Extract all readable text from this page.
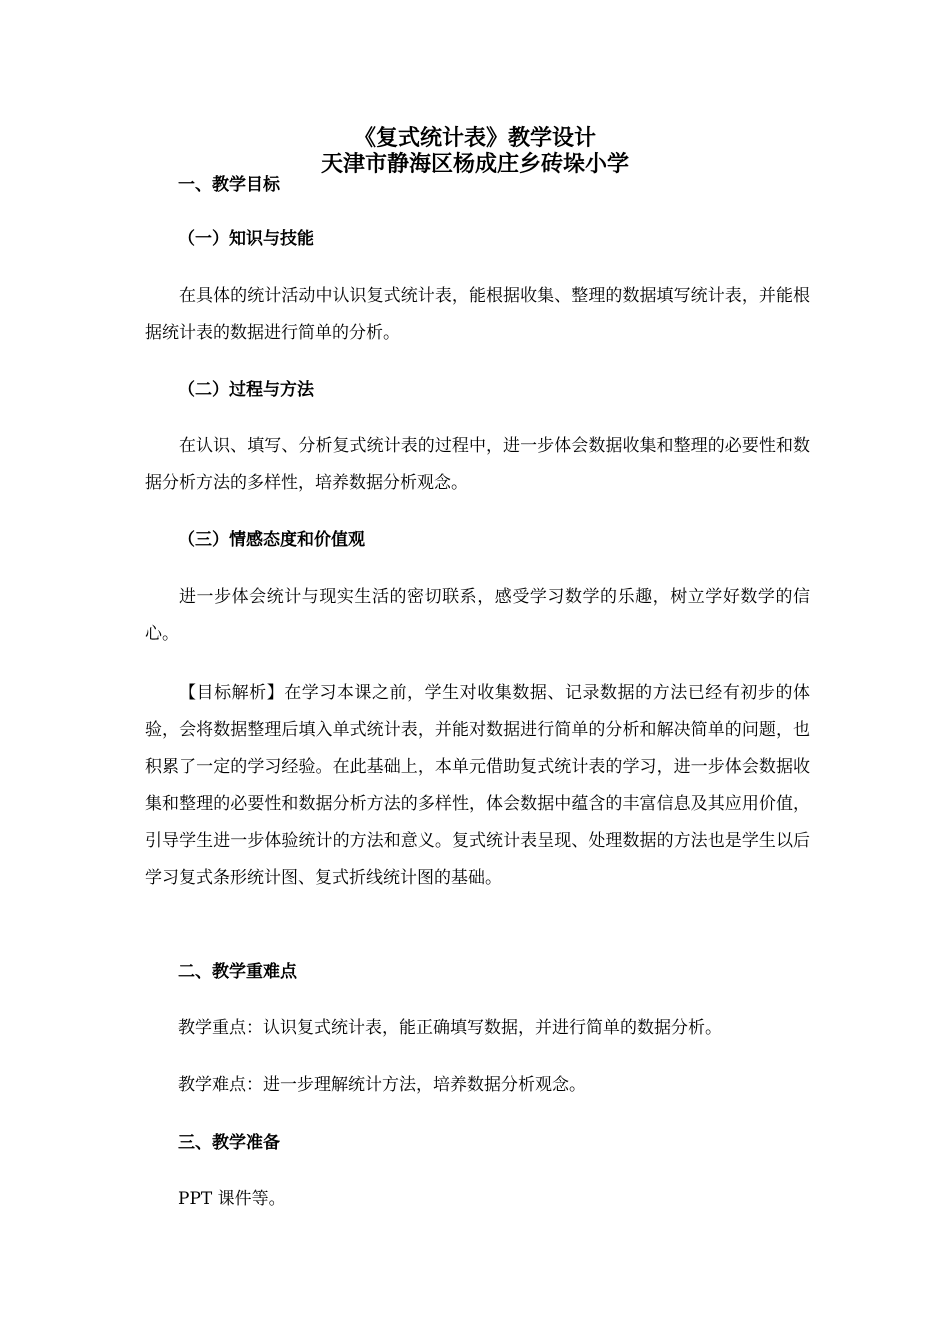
《复式统计表》教学设计
天津市静海区杨成庄乡砖垛小学
一、教学目标
（一）知识与技能
在具体的统计活动中认识复式统计表，能根据收集、整理的数据填写统计表，并能根据统计表的数据进行简单的分析。
（二）过程与方法
在认识、填写、分析复式统计表的过程中，进一步体会数据收集和整理的必要性和数据分析方法的多样性，培养数据分析观念。
（三）情感态度和价值观
进一步体会统计与现实生活的密切联系，感受学习数学的乐趣，树立学好数学的信心。
【目标解析】在学习本课之前，学生对收集数据、记录数据的方法已经有初步的体验，会将数据整理后填入单式统计表，并能对数据进行简单的分析和解决简单的问题，也积累了一定的学习经验。在此基础上，本单元借助复式统计表的学习，进一步体会数据收集和整理的必要性和数据分析方法的多样性，体会数据中蕴含的丰富信息及其应用价值，引导学生进一步体验统计的方法和意义。复式统计表呈现、处理数据的方法也是学生以后学习复式条形统计图、复式折线统计图的基础。
二、教学重难点
教学重点：认识复式统计表，能正确填写数据，并进行简单的数据分析。
教学难点：进一步理解统计方法，培养数据分析观念。
三、教学准备
PPT 课件等。
